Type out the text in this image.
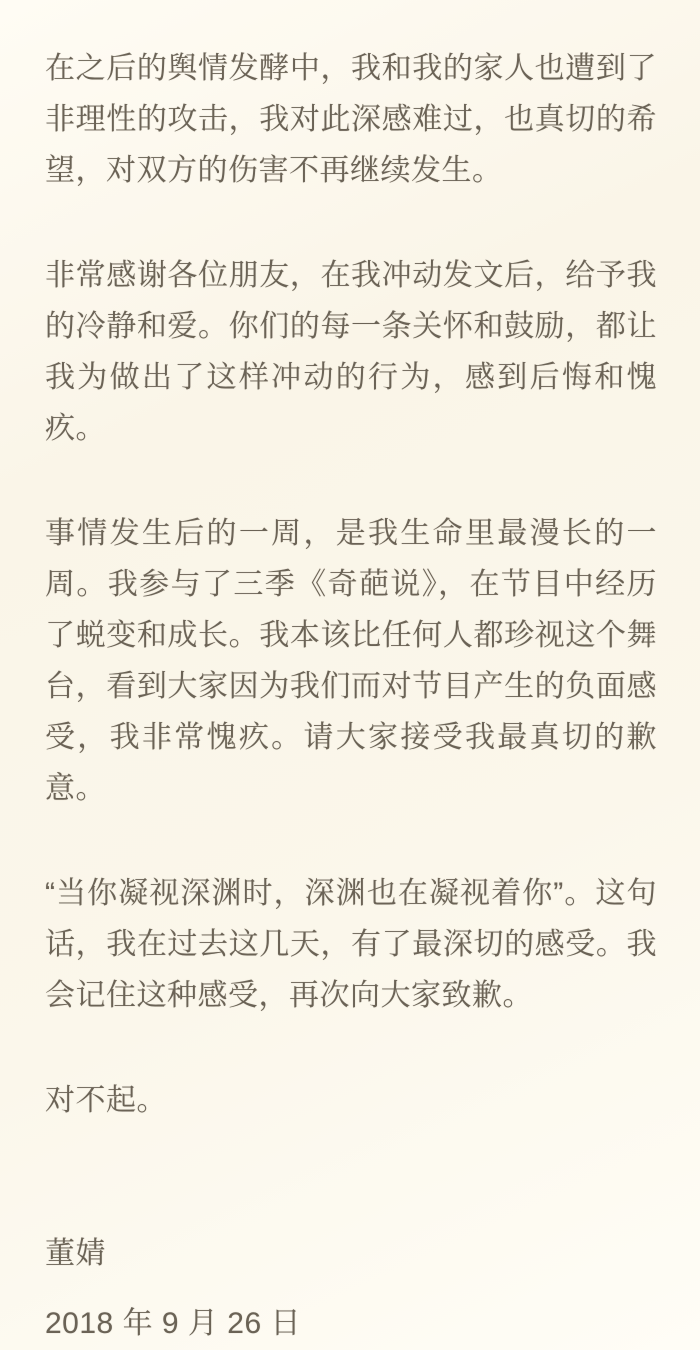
在之后的舆情发酵中，我和我的家人也遭到了非理性的攻击，我对此深感难过，也真切的希望，对双方的伤害不再继续发生。

非常感谢各位朋友，在我冲动发文后，给予我的冷静和爱。你们的每一条关怀和鼓励，都让我为做出了这样冲动的行为，感到后悔和愧疚。

事情发生后的一周，是我生命里最漫长的一周。我参与了三季《奇葩说》，在节目中经历了蜕变和成长。我本该比任何人都珍视这个舞台，看到大家因为我们而对节目产生的负面感受，我非常愧疚。请大家接受我最真切的歉意。

“当你凝视深渊时，深渊也在凝视着你”。这句话，我在过去这几天，有了最深切的感受。我会记住这种感受，再次向大家致歉。

对不起。

董婧

2018 年 9 月 26 日
